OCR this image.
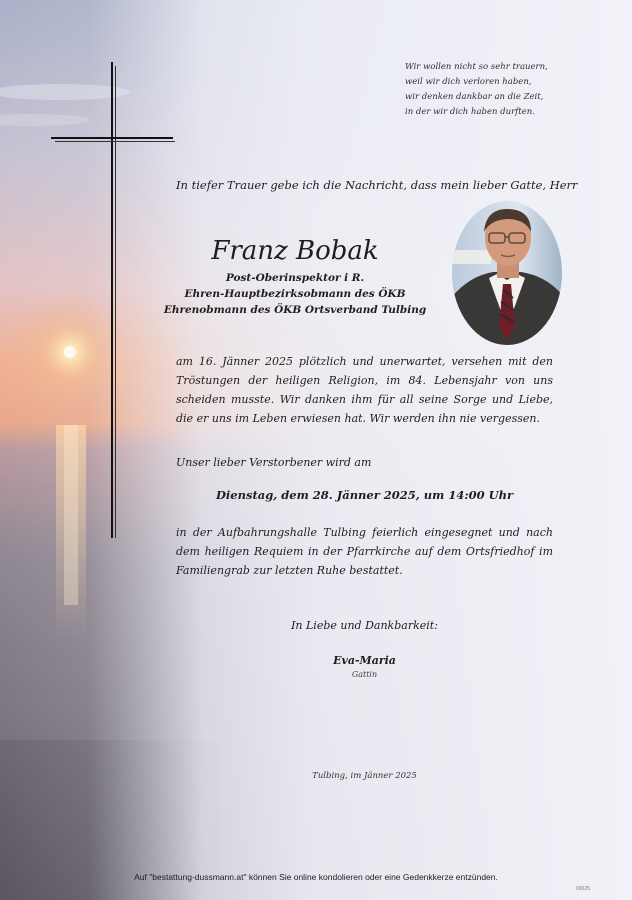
Wir wollen nicht so sehr trauern,
weil wir dich verloren haben,
wir denken dankbar an die Zeit,
in der wir dich haben durften.
In tiefer Trauer gebe ich die Nachricht, dass mein lieber Gatte, Herr
Franz Bobak
Post-Oberinspektor i R.
Ehren-Hauptbezirksobmann des ÖKB
Ehrenobmann des ÖKB Ortsverband Tulbing
am 16. Jänner 2025 plötzlich und unerwartet, versehen mit den Tröstungen der heiligen Religion, im 84. Lebensjahr von uns scheiden musste. Wir danken ihm für all seine Sorge und Liebe, die er uns im Leben erwiesen hat. Wir werden ihn nie vergessen.
Unser lieber Verstorbener wird am
Dienstag, dem 28. Jänner 2025, um 14:00 Uhr
in der Aufbahrungshalle Tulbing feierlich eingesegnet und nach dem heiligen Requiem in der Pfarrkirche auf dem Ortsfriedhof im Familiengrab zur letzten Ruhe bestattet.
In Liebe und Dankbarkeit:
Eva-Maria
Gattin
Tulbing, im Jänner 2025
Auf "bestattung-dussmann.at" können Sie online kondolieren oder eine Gedenkkerze entzünden.
00025
